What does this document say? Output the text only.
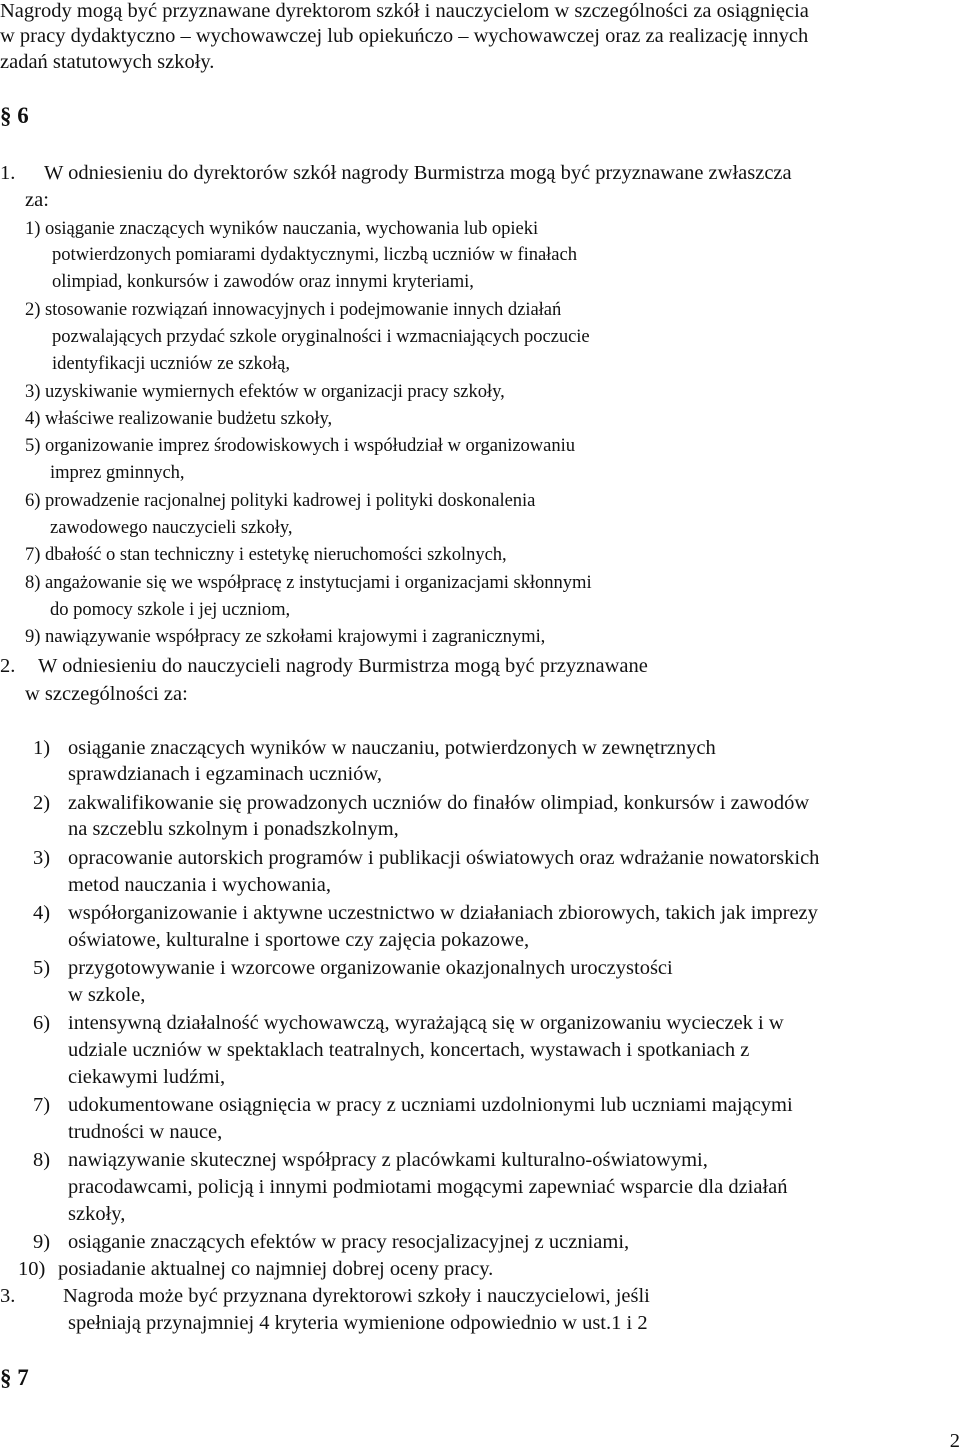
Nagrody mogą być przyznawane dyrektorom szkół i nauczycielom w szczególności za osiągnięcia
w pracy dydaktyczno – wychowawczej lub opiekuńczo – wychowawczej oraz za realizację innych
zadań statutowych szkoły.
§ 6
1. W odniesieniu do dyrektorów szkół nagrody Burmistrza mogą być przyznawane zwłaszcza
za:
1) osiąganie znaczących wyników nauczania, wychowania lub opieki
potwierdzonych pomiarami dydaktycznymi, liczbą uczniów w finałach
olimpiad, konkursów i zawodów oraz innymi kryteriami,
2) stosowanie rozwiązań innowacyjnych i podejmowanie innych działań
pozwalających przydać szkole oryginalności i wzmacniających poczucie
identyfikacji uczniów ze szkołą,
3) uzyskiwanie wymiernych efektów w organizacji pracy szkoły,
4) właściwe realizowanie budżetu szkoły,
5) organizowanie imprez środowiskowych i współudział w organizowaniu
imprez gminnych,
6) prowadzenie racjonalnej polityki kadrowej i polityki doskonalenia
zawodowego nauczycieli szkoły,
7) dbałość o stan techniczny i estetykę nieruchomości szkolnych,
8) angażowanie się we współpracę z instytucjami i organizacjami skłonnymi
do pomocy szkole i jej uczniom,
9) nawiązywanie współpracy ze szkołami krajowymi i zagranicznymi,
2. W odniesieniu do nauczycieli nagrody Burmistrza mogą być przyznawane
w szczególności za:
1) osiąganie znaczących wyników w nauczaniu, potwierdzonych w zewnętrznych
sprawdzianach i egzaminach uczniów,
2) zakwalifikowanie się prowadzonych uczniów do finałów olimpiad, konkursów i zawodów
na szczeblu szkolnym i ponadszkolnym,
3) opracowanie autorskich programów i publikacji oświatowych oraz wdrażanie nowatorskich
metod nauczania i wychowania,
4) współorganizowanie i aktywne uczestnictwo w działaniach zbiorowych, takich jak imprezy
oświatowe, kulturalne i sportowe czy zajęcia pokazowe,
5) przygotowywanie i wzorcowe organizowanie okazjonalnych uroczystości
w szkole,
6) intensywną działalność wychowawczą, wyrażającą się w organizowaniu wycieczek i w
udziale uczniów w spektaklach teatralnych, koncertach, wystawach i spotkaniach z
ciekawymi ludźmi,
7) udokumentowane osiągnięcia w pracy z uczniami uzdolnionymi lub uczniami mającymi
trudności w nauce,
8) nawiązywanie skutecznej współpracy z placówkami kulturalno-oświatowymi,
pracodawcami, policją i innymi podmiotami mogącymi zapewniać wsparcie dla działań
szkoły,
9) osiąganie znaczących efektów w pracy resocjalizacyjnej z uczniami,
10) posiadanie aktualnej co najmniej dobrej oceny pracy.
3. Nagroda może być przyznana dyrektorowi szkoły i nauczycielowi, jeśli
spełniają przynajmniej 4 kryteria wymienione odpowiednio w ust.1 i 2
§ 7
2
